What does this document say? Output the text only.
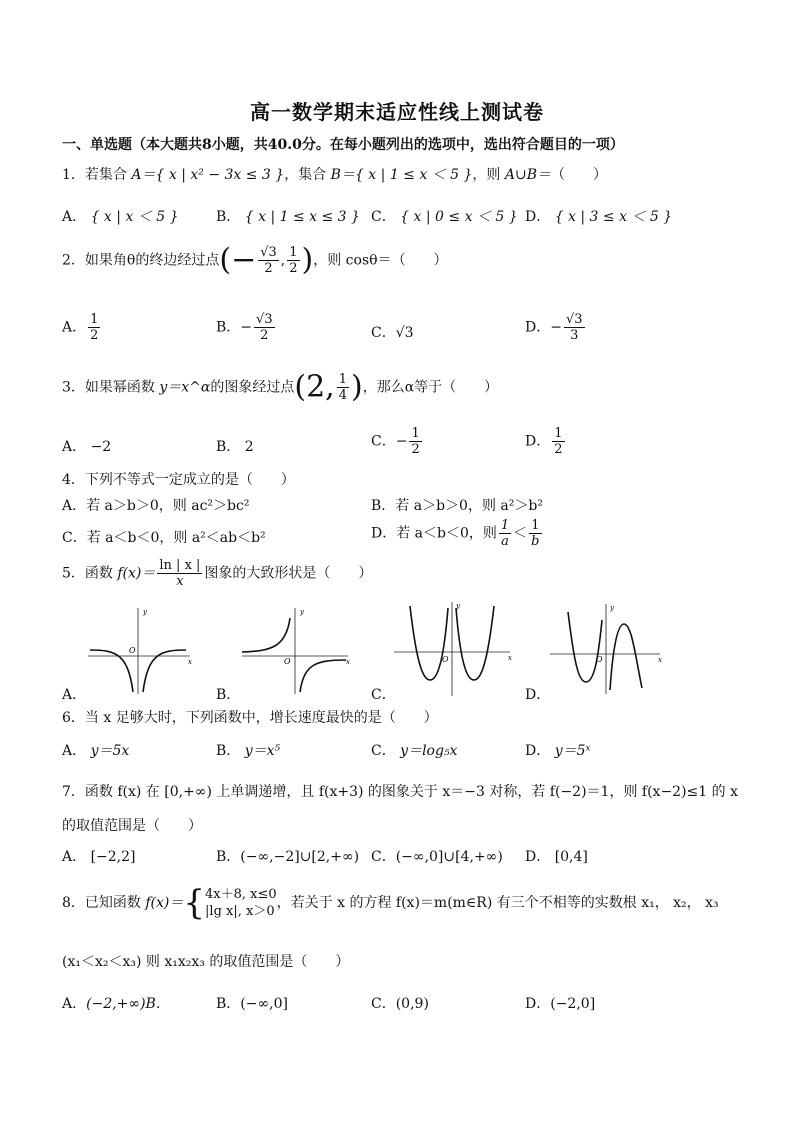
高一数学期末适应性线上测试卷
一、单选题（本大题共8小题，共40.0分。在每小题列出的选项中，选出符合题目的一项）
1．若集合 A＝{ x | x² − 3x ≤ 3 }，集合 B＝{ x | 1 ≤ x ＜ 5 }，则 A∪B＝（　　）
A． { x | x ＜ 5 }	B． { x | 1 ≤ x ≤ 3 } C． { x | 0 ≤ x ＜ 5 } D． { x | 3 ≤ x ＜ 5 }
2．如果角θ的终边经过点(− $\frac{√3}{2}$ , $\frac{1}{2}$ )，则 cosθ＝（　　）
A． $\frac{1}{2}$	B．− $\frac{√3}{2}$	C．√3	D．− $\frac{√3}{3}$
3．如果幂函数 y＝x^α的图象经过点(2, $\frac{1}{4}$ )，那么α等于（　　）
A． −2	B． 2	C．− $\frac{1}{2}$	D． $\frac{1}{2}$
4．下列不等式一定成立的是（　　）
A．若 a＞b＞0，则 ac²＞bc²	B．若 a＞b＞0，则 a²＞b²
C．若 a＜b＜0，则 a²＜ab＜b²	D．若 a＜b＜0，则 $\frac{1}{a} < \frac{1}{b}$
5．函数 $f(x)= \frac{\ln | x |}{x}$ 图象的大致形状是（　　）
y
x
O
y
x
O
y
x
O
y
x
O
A．	B．	C．	D．
6．当 x 足够大时，下列函数中，增长速度最快的是（　　）
A． y＝5x	B． y＝x⁵	C． y＝log₅x	D． y＝5ˣ
7．函数 f(x) 在 [0,+∞) 上单调递增，且 f(x+3) 的图象关于 x＝−3 对称，若 f(−2)＝1，则 f(x−2)≤1 的 x
的取值范围是（　　）
A． [−2,2]	B．(−∞,−2]∪[2,+∞) C．(−∞,0]∪[4,+∞) D． [0,4]
8．已知函数 f(x)＝{ 4x＋8, x≤0
|lg x|, x＞0
，若关于 x 的方程 f(x)＝m(m∈R) 有三个不相等的实数根 x₁， x₂， x₃
(x₁＜x₂＜x₃) 则 x₁x₂x₃ 的取值范围是（　　）
A．(−2,+∞)B.	B．(−∞,0]	C．(0,9)	D．(−2,0]
